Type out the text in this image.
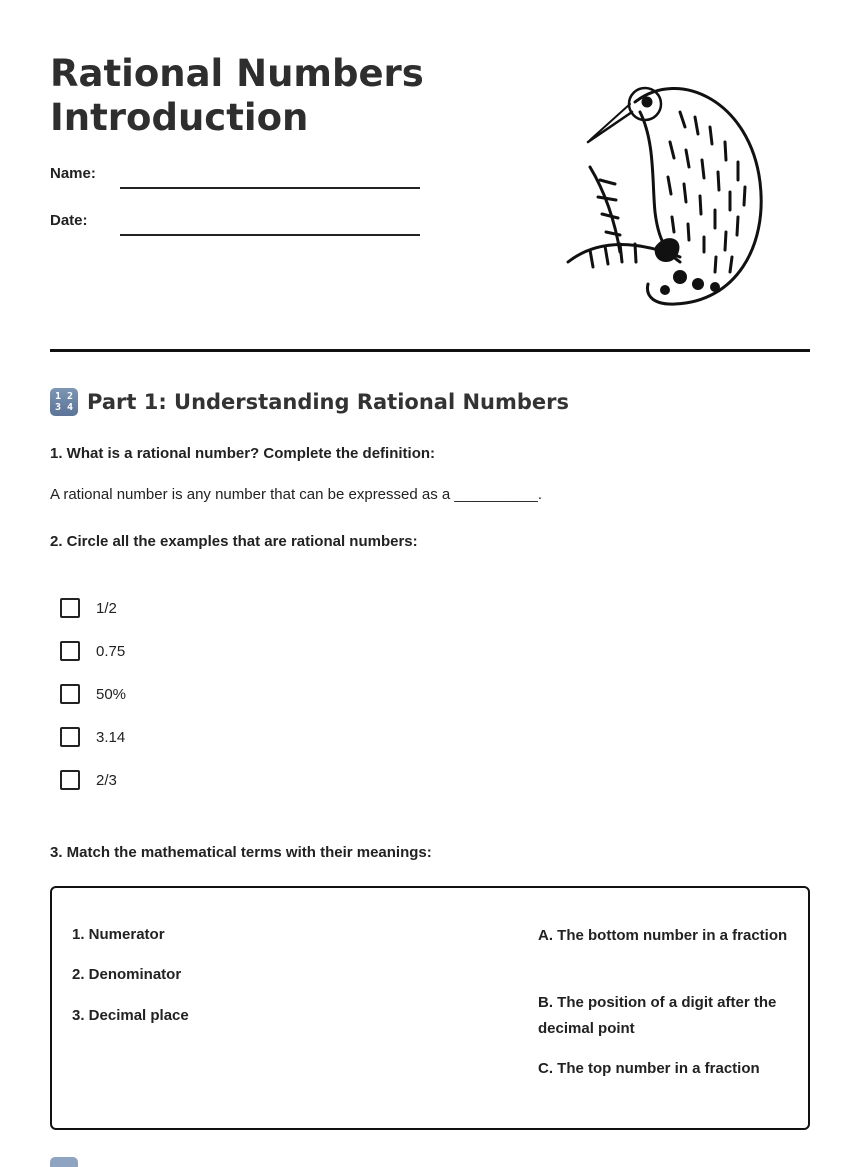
Rational Numbers
Introduction
Name:
Date:
1 2
3 4 Part 1: Understanding Rational Numbers
1. What is a rational number? Complete the definition:
A rational number is any number that can be expressed as a __________.
2. Circle all the examples that are rational numbers:
1/2
0.75
50%
3.14
2/3
3. Match the mathematical terms with their meanings:
1. Numerator
2. Denominator
3. Decimal place
A. The bottom number in a fraction
B. The position of a digit after the decimal point
C. The top number in a fraction
